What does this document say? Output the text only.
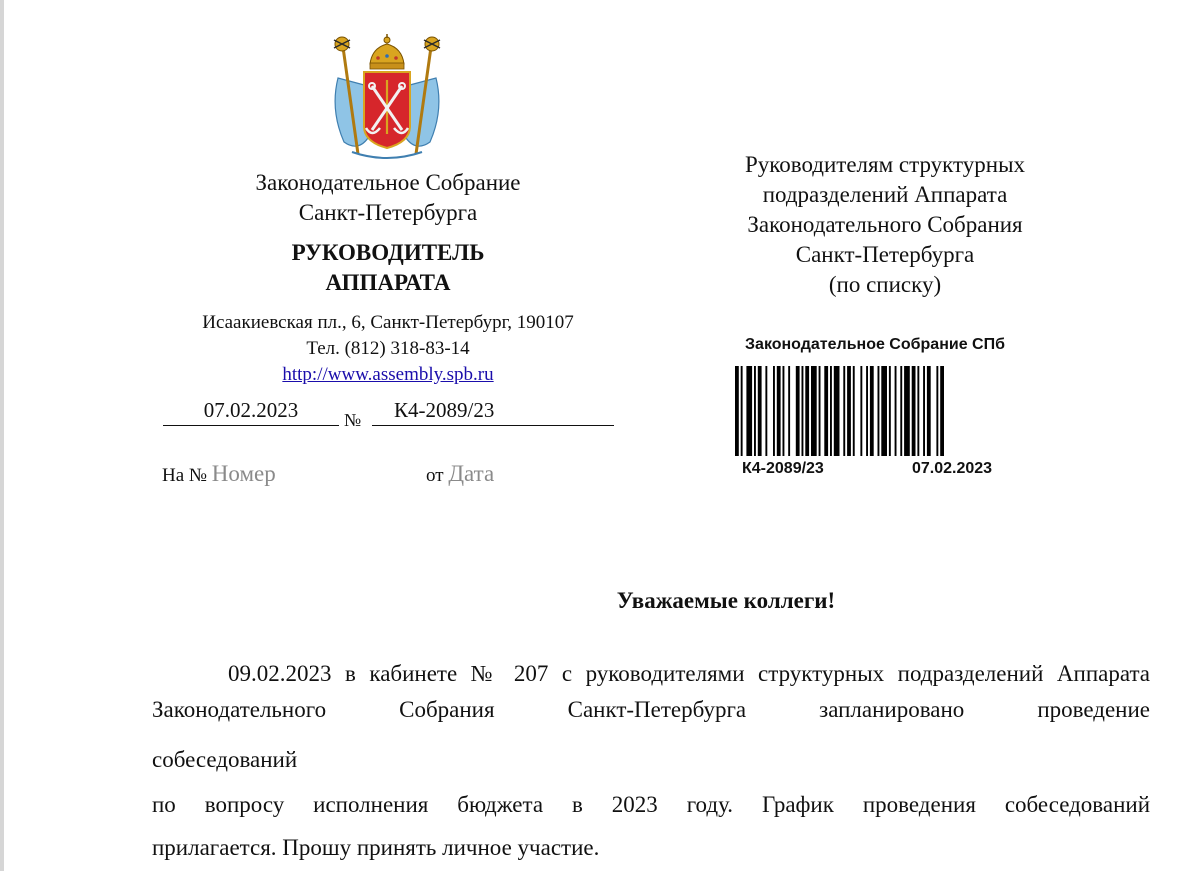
Законодательное Собрание
Санкт-Петербурга
РУКОВОДИТЕЛЬ
АППАРАТА
Исаакиевская пл., 6, Санкт-Петербург, 190107
Тел. (812) 318-83-14
http://www.assembly.spb.ru
07.02.2023	№	К4-2089/23
На № Номер	от Дата
Руководителям структурных
подразделений Аппарата
Законодательного Собрания
Санкт-Петербурга
(по списку)
Законодательное Собрание СПб
К4-2089/23	07.02.2023
Уважаемые коллеги!
09.02.2023 в кабинете № 207 с руководителями структурных подразделений Аппарата Законодательного Собрания Санкт-Петербурга запланировано проведение
собеседований
по вопросу исполнения бюджета в 2023 году. График проведения собеседований
прилагается. Прошу принять личное участие.
